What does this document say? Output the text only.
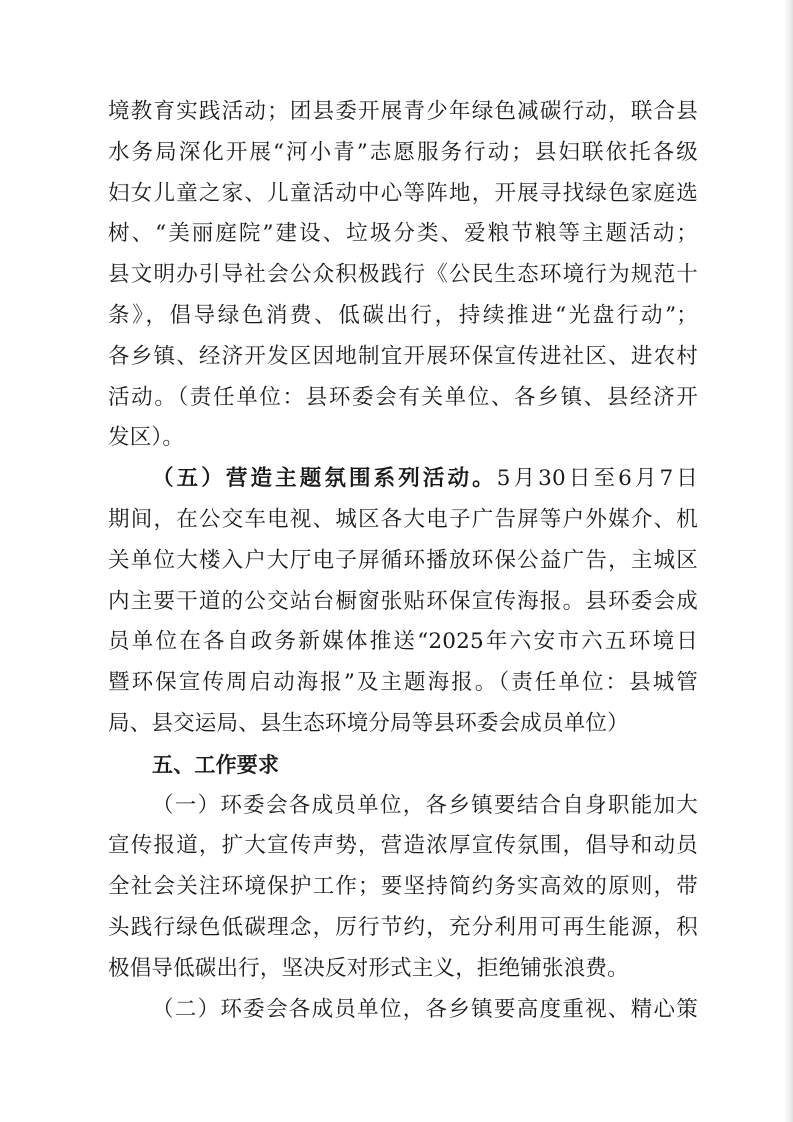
境教育实践活动；团县委开展青少年绿色减碳行动，联合县
水务局深化开展“河小青”志愿服务行动；县妇联依托各级
妇女儿童之家、儿童活动中心等阵地，开展寻找绿色家庭选
树、“美丽庭院”建设、垃圾分类、爱粮节粮等主题活动；
县文明办引导社会公众积极践行《公民生态环境行为规范十
条》，倡导绿色消费、低碳出行，持续推进“光盘行动”；
各乡镇、经济开发区因地制宜开展环保宣传进社区、进农村
活动。（责任单位：县环委会有关单位、各乡镇、县经济开
发区）。
（五）营造主题氛围系列活动。5月30日至6月7日
期间，在公交车电视、城区各大电子广告屏等户外媒介、机
关单位大楼入户大厅电子屏循环播放环保公益广告，主城区
内主要干道的公交站台橱窗张贴环保宣传海报。县环委会成
员单位在各自政务新媒体推送“2025年六安市六五环境日
暨环保宣传周启动海报”及主题海报。（责任单位：县城管
局、县交运局、县生态环境分局等县环委会成员单位）
五、工作要求
（一）环委会各成员单位，各乡镇要结合自身职能加大
宣传报道，扩大宣传声势，营造浓厚宣传氛围，倡导和动员
全社会关注环境保护工作；要坚持简约务实高效的原则，带
头践行绿色低碳理念，厉行节约，充分利用可再生能源，积
极倡导低碳出行，坚决反对形式主义，拒绝铺张浪费。
（二）环委会各成员单位，各乡镇要高度重视、精心策
